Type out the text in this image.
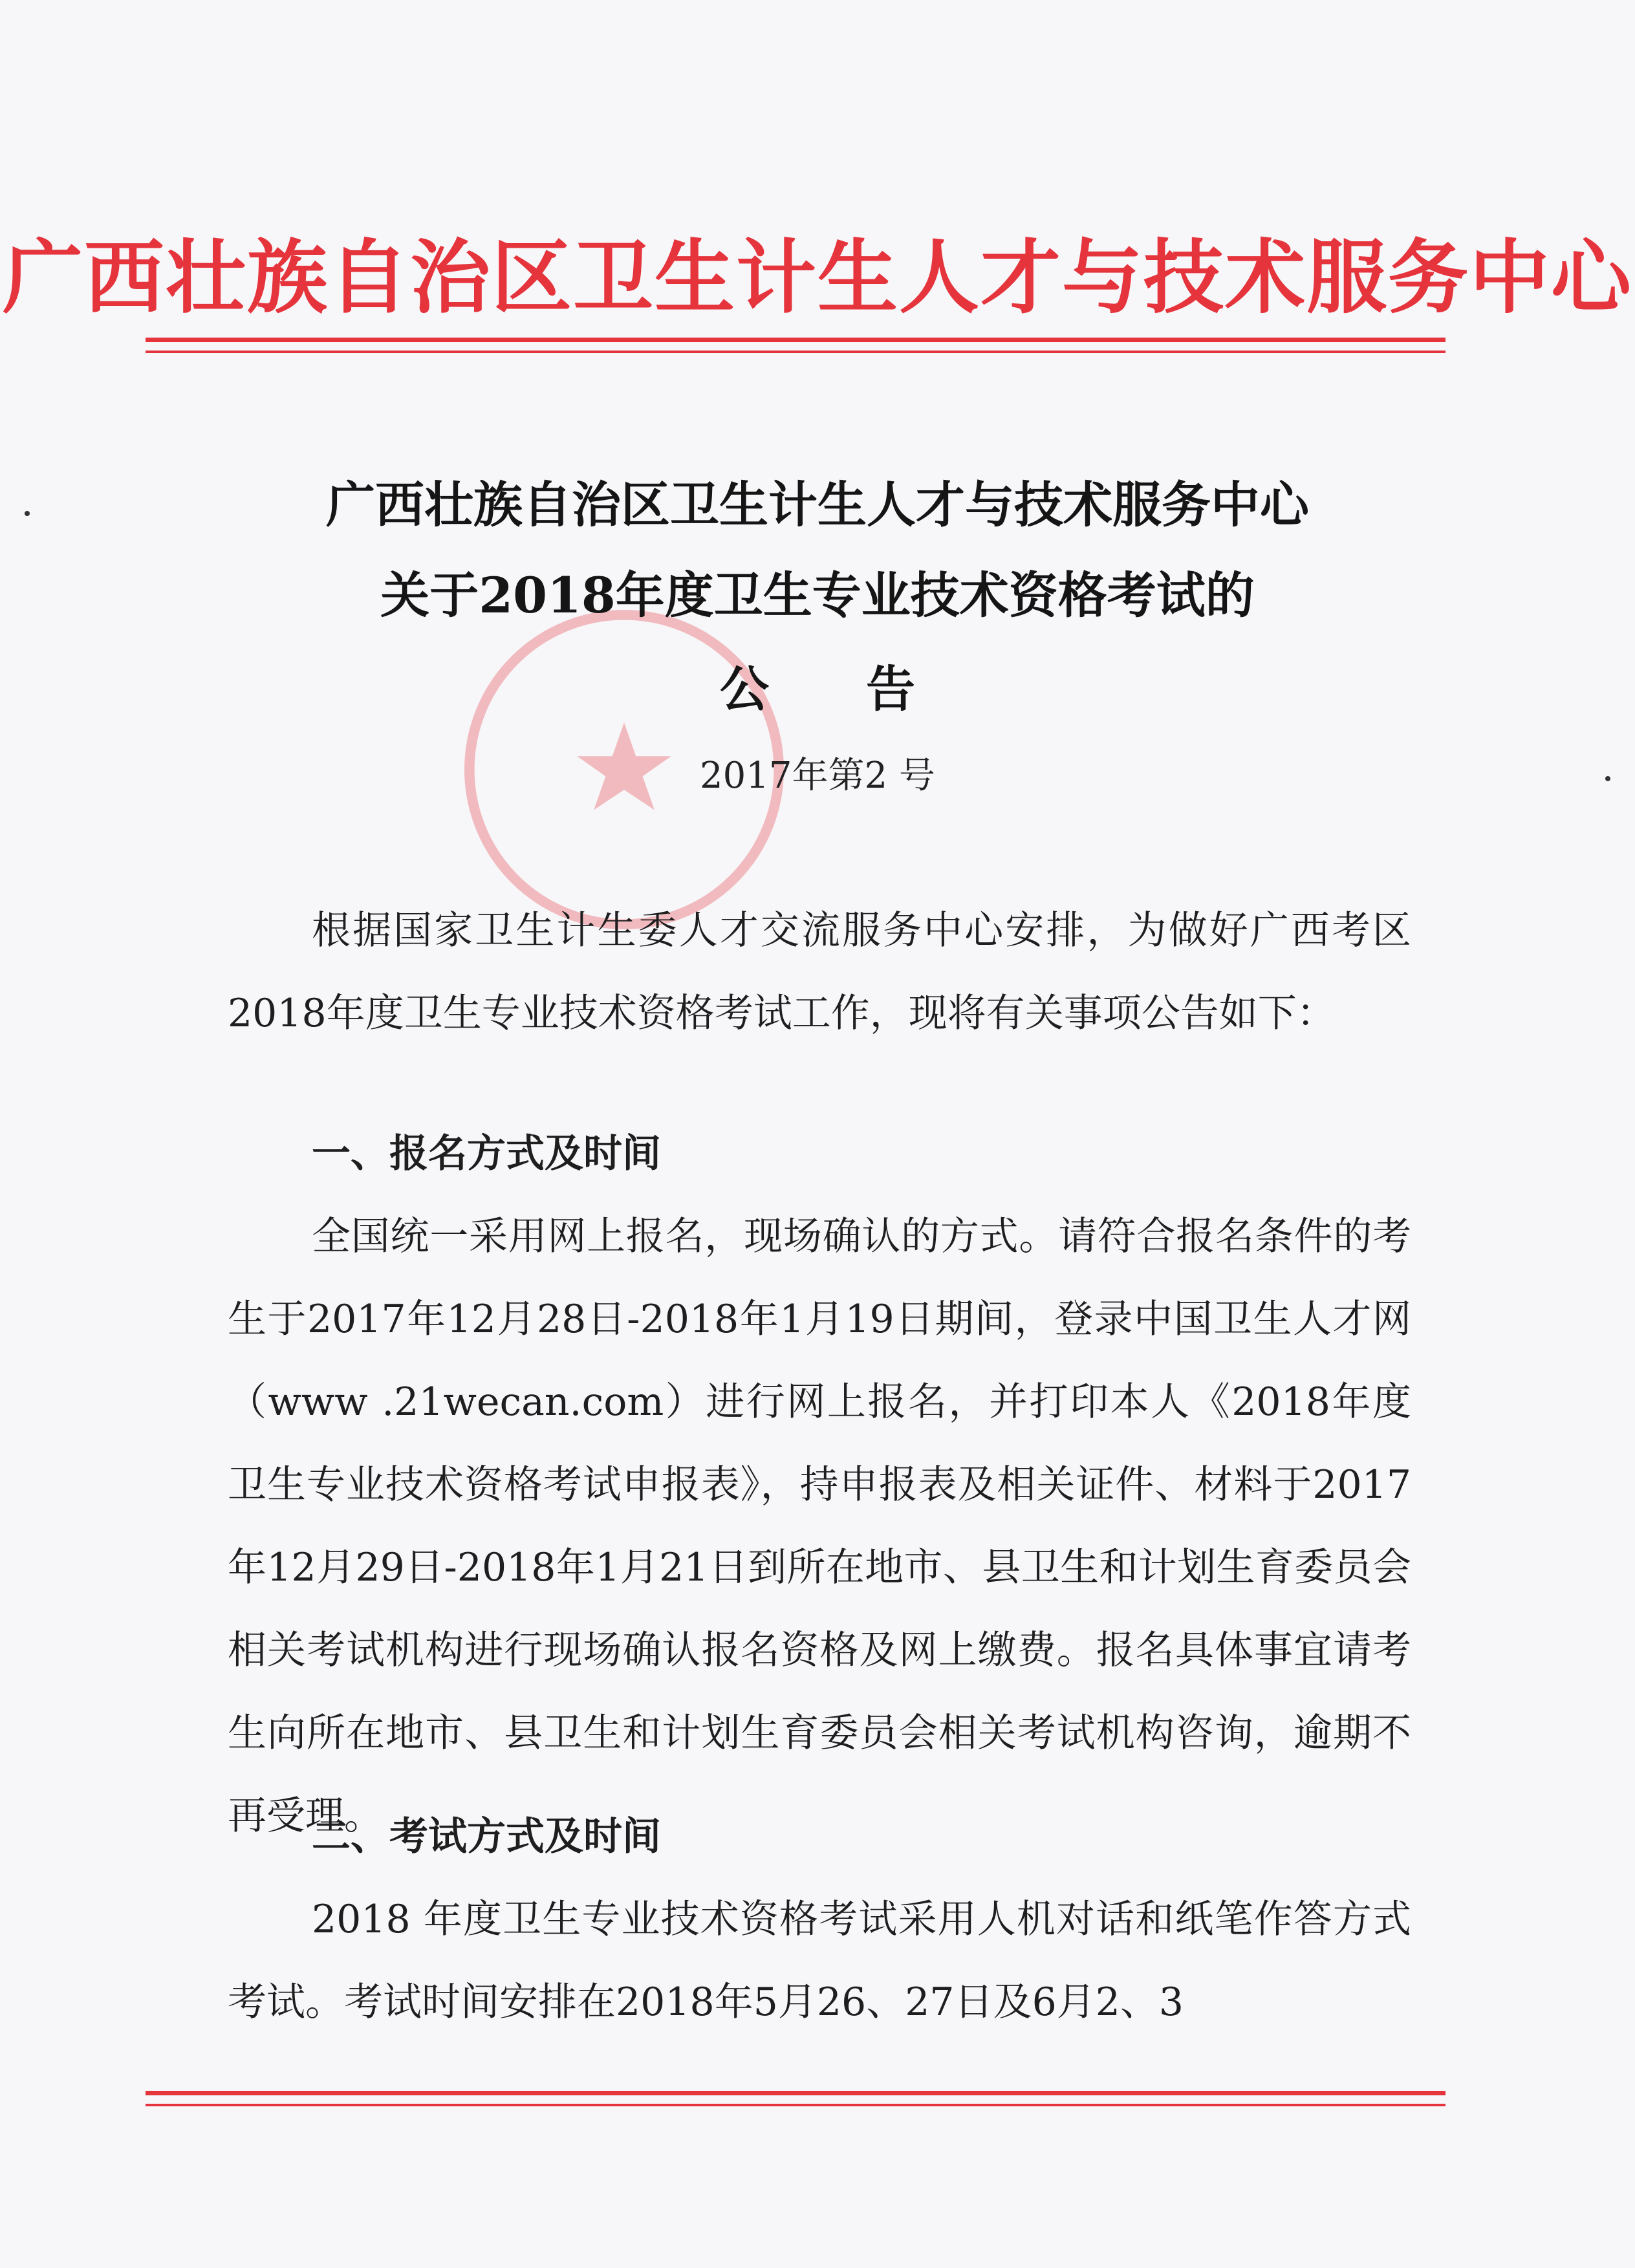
广西壮族自治区卫生计生人才与技术服务中心
广西壮族自治区卫生计生人才与技术服务中心
关于2018年度卫生专业技术资格考试的
公告
2017年第2 号

根据国家卫生计生委人才交流服务中心安排，为做好广西考区2018年度卫生专业技术资格考试工作，现将有关事项公告如下：

一、报名方式及时间

全国统一采用网上报名，现场确认的方式。请符合报名条件的考生于2017年12月28日-2018年1月19日期间，登录中国卫生人才网（www .21wecan.com）进行网上报名，并打印本人《2018年度卫生专业技术资格考试申报表》，持申报表及相关证件、材料于2017年12月29日-2018年1月21日到所在地市、县卫生和计划生育委员会相关考试机构进行现场确认报名资格及网上缴费。报名具体事宜请考生向所在地市、县卫生和计划生育委员会相关考试机构咨询，逾期不再受理。

二、考试方式及时间

2018 年度卫生专业技术资格考试采用人机对话和纸笔作答方式考试。考试时间安排在2018年5月26、27日及6月2、3
